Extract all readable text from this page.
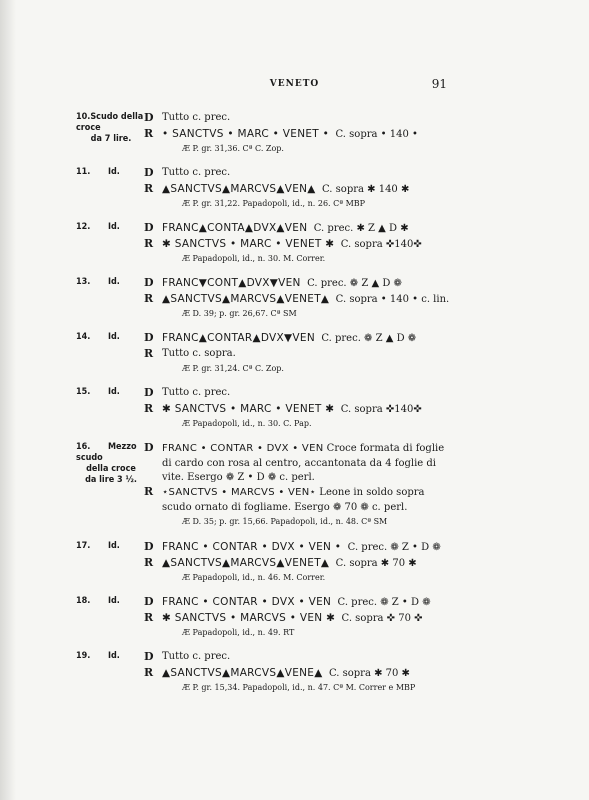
VENETO	91
10.Scudo della croce
da 7 lire.
D Tutto c. prec.
R • SANCTVS • MARC • VENET • C. sopra • 140 •
Æ P. gr. 31,36. Cª C. Zop.
11. Id.	D Tutto c. prec.
R ▲SANCTVS▲MARCVS▲VEN▲ C. sopra ✱ 140 ✱
Æ P. gr. 31,22. Papadopoli, id., n. 26. Cª MBP
12. Id.	D FRANC▲CONTA▲DVX▲VEN C. prec. ✱ Z ▲ D ✱
R ✱ SANCTVS • MARC • VENET ✱ C. sopra ✜140✜
Æ Papadopoli, id., n. 30. M. Correr.
13. Id.	D FRANC▼CONT▲DVX▼VEN C. prec. ❁ Z ▲ D ❁
R ▲SANCTVS▲MARCVS▲VENET▲ C. sopra • 140 • c. lin.
Æ D. 39; p. gr. 26,67. Cª SM
14. Id.	D FRANC▲CONTAR▲DVX▼VEN C. prec. ❁ Z ▲ D ❁
R Tutto c. sopra.
Æ P. gr. 31,24. Cª C. Zop.
15. Id.	D Tutto c. prec.
R ✱ SANCTVS • MARC • VENET ✱ C. sopra ✜140✜
Æ Papadopoli, id., n. 30. C. Pap.
16. Mezzo scudo
della croce
da lire 3 ½.
D FRANC • CONTAR • DVX • VEN Croce formata di foglie di cardo con rosa al centro, accantonata da 4 foglie di vite. Esergo ❁ Z • D ❁ c. perl.
R ⋆SANCTVS • MARCVS • VEN⋆ Leone in soldo sopra scudo ornato di fogliame. Esergo ❁ 70 ❁ c. perl.
Æ D. 35; p. gr. 15,66. Papadopoli, id., n. 48. Cª SM
17. Id.	D FRANC • CONTAR • DVX • VEN • C. prec. ❁ Z • D ❁
R ▲SANCTVS▲MARCVS▲VENET▲ C. sopra ✱ 70 ✱
Æ Papadopoli, id., n. 46. M. Correr.
18. Id.	D FRANC • CONTAR • DVX • VEN C. prec. ❁ Z • D ❁
R ✱ SANCTVS • MARCVS • VEN ✱ C. sopra ✜ 70 ✜
Æ Papadopoli, id., n. 49. RT
19. Id.	D Tutto c. prec.
R ▲SANCTVS▲MARCVS▲VENE▲ C. sopra ✱ 70 ✱
Æ P. gr. 15,34. Papadopoli, id., n. 47. Cª M. Correr e MBP
